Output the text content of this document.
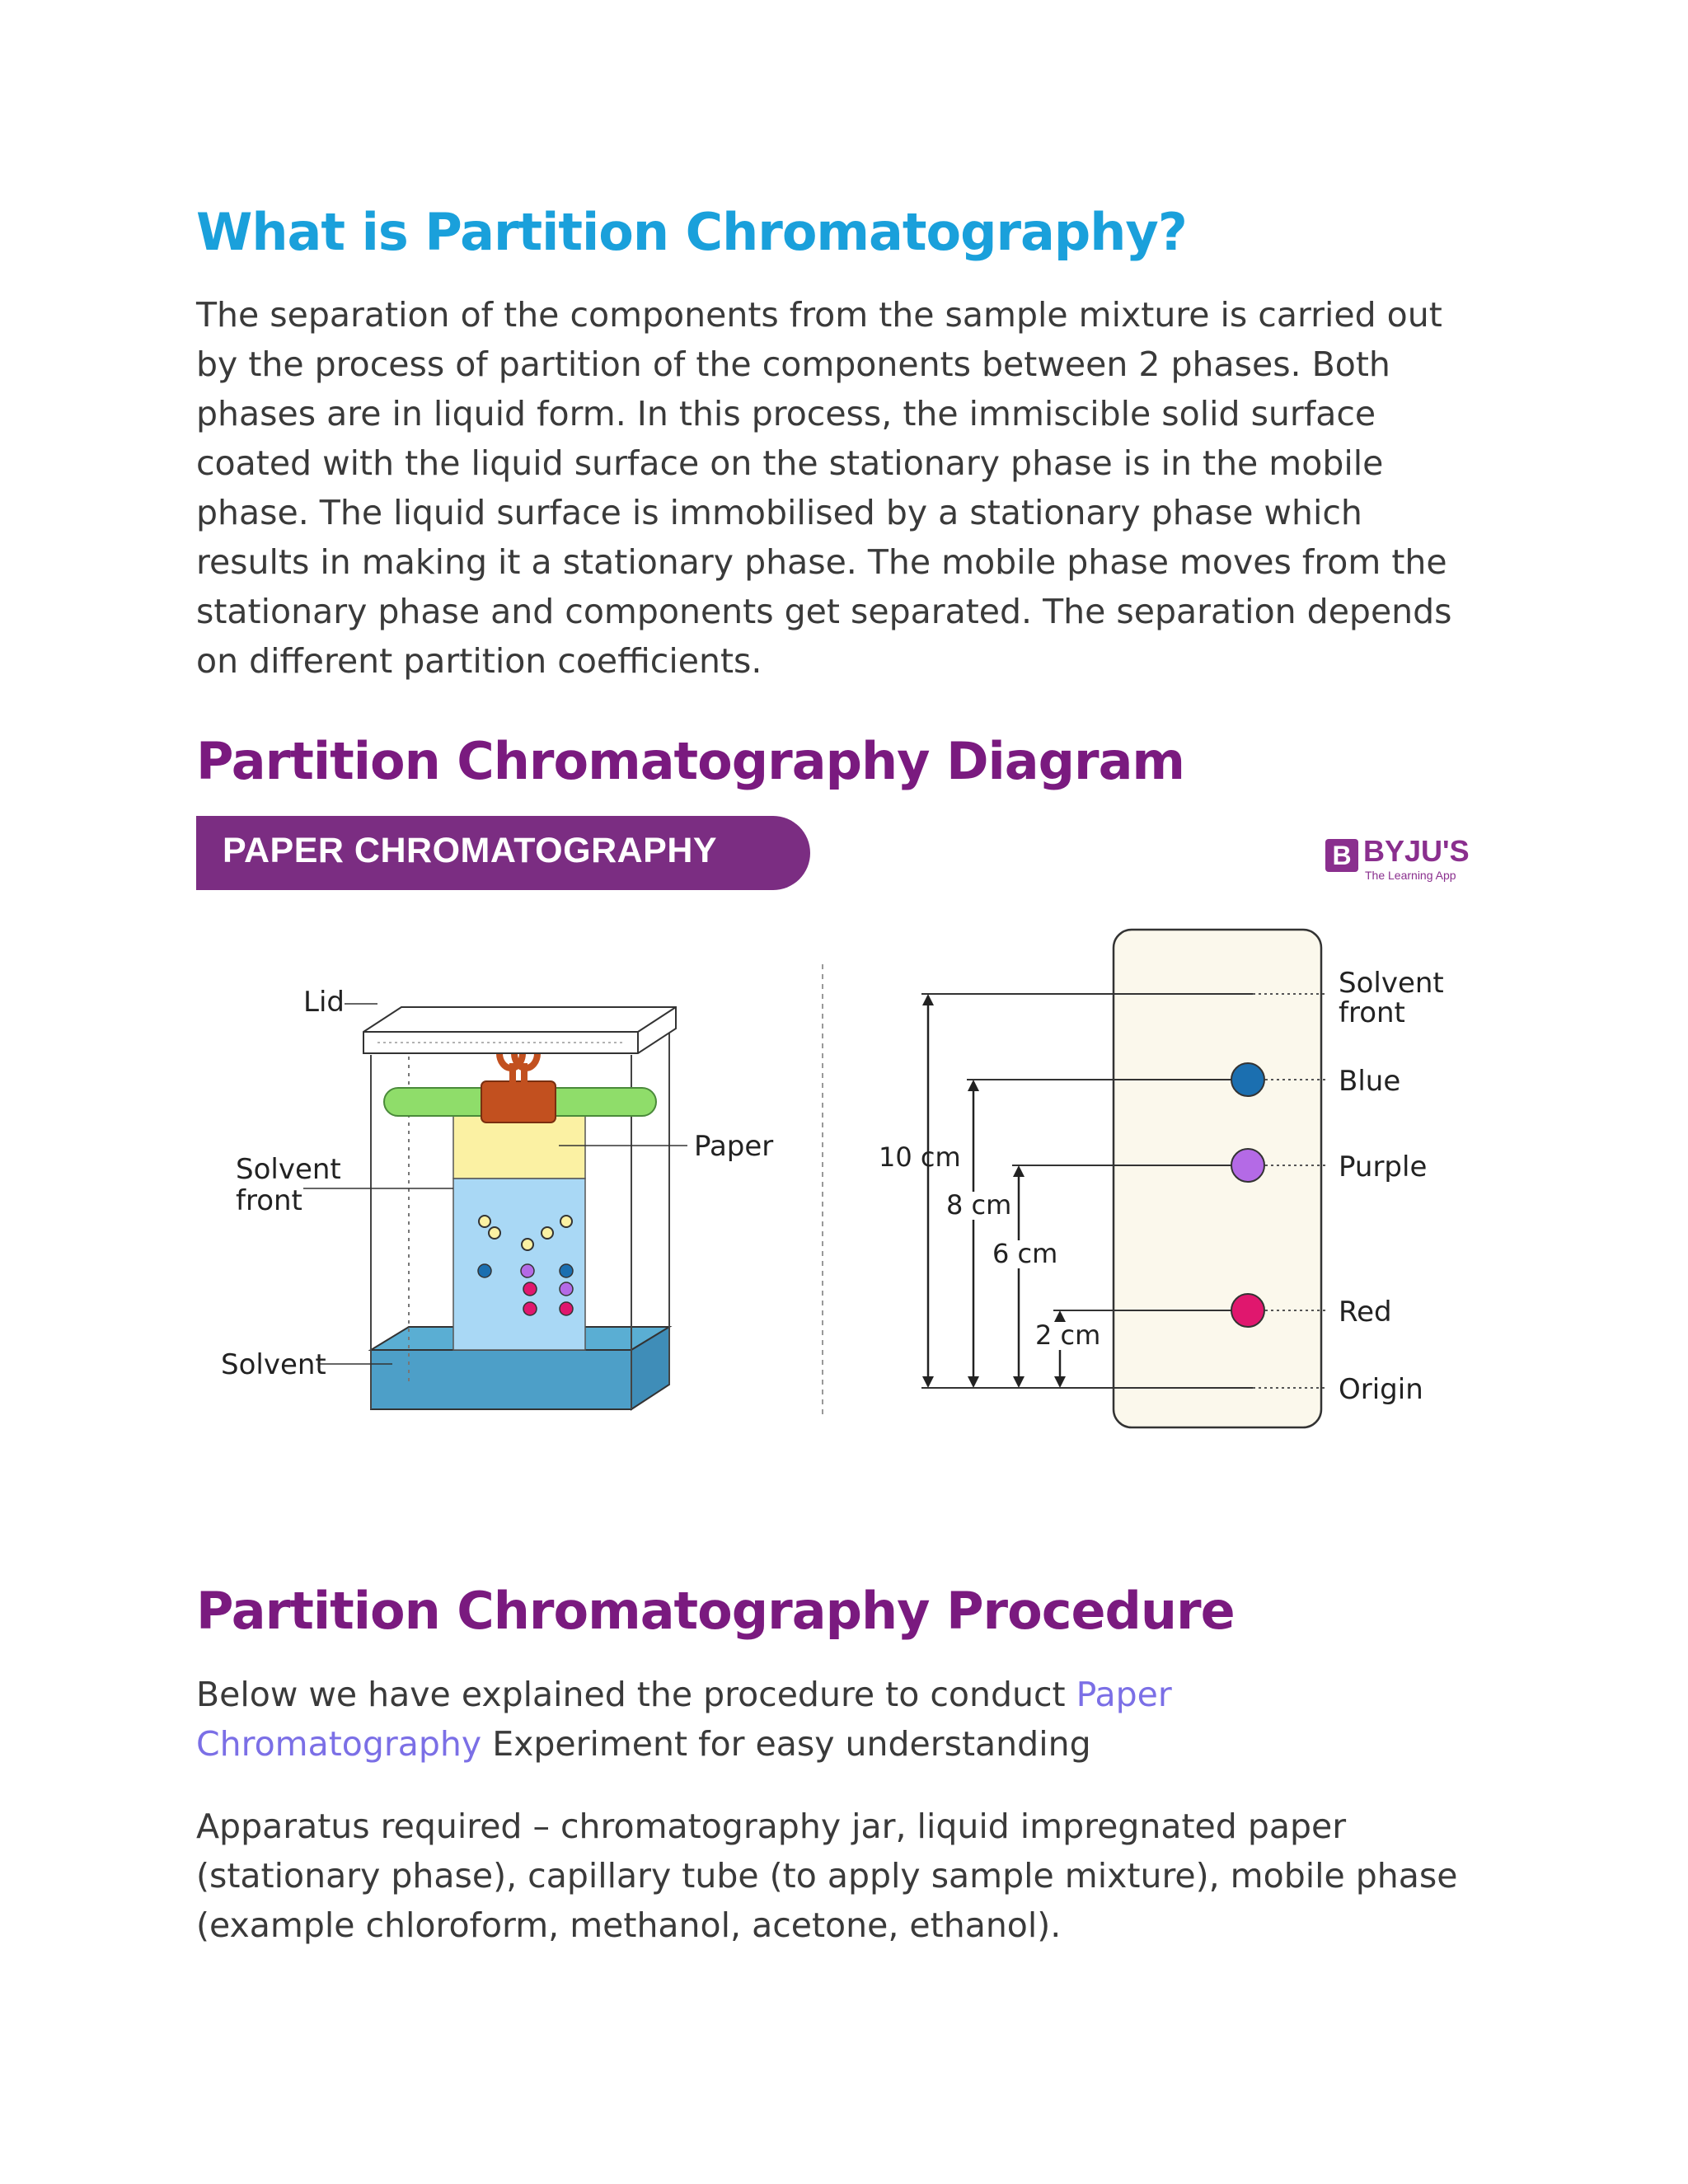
What is Partition Chromatography?

The separation of the components from the sample mixture is carried out by the process of partition of the components between 2 phases. Both phases are in liquid form. In this process, the immiscible solid surface coated with the liquid surface on the stationary phase is in the mobile phase. The liquid surface is immobilised by a stationary phase which results in making it a stationary phase. The mobile phase moves from the stationary phase and components get separated. The separation depends on different partition coefficients.

Partition Chromatography Diagram
PAPER CHROMATOGRAPHY	B BYJU'S
The Learning App
Lid
Paper
Solvent
front
Solvent
10 cm
8 cm
6 cm
2 cm
Solvent
front
Blue
Purple
Red
Origin
Partition Chromatography Procedure

Below we have explained the procedure to conduct Paper Chromatography Experiment for easy understanding

Apparatus required – chromatography jar, liquid impregnated paper (stationary phase), capillary tube (to apply sample mixture), mobile phase (example chloroform, methanol, acetone, ethanol).
